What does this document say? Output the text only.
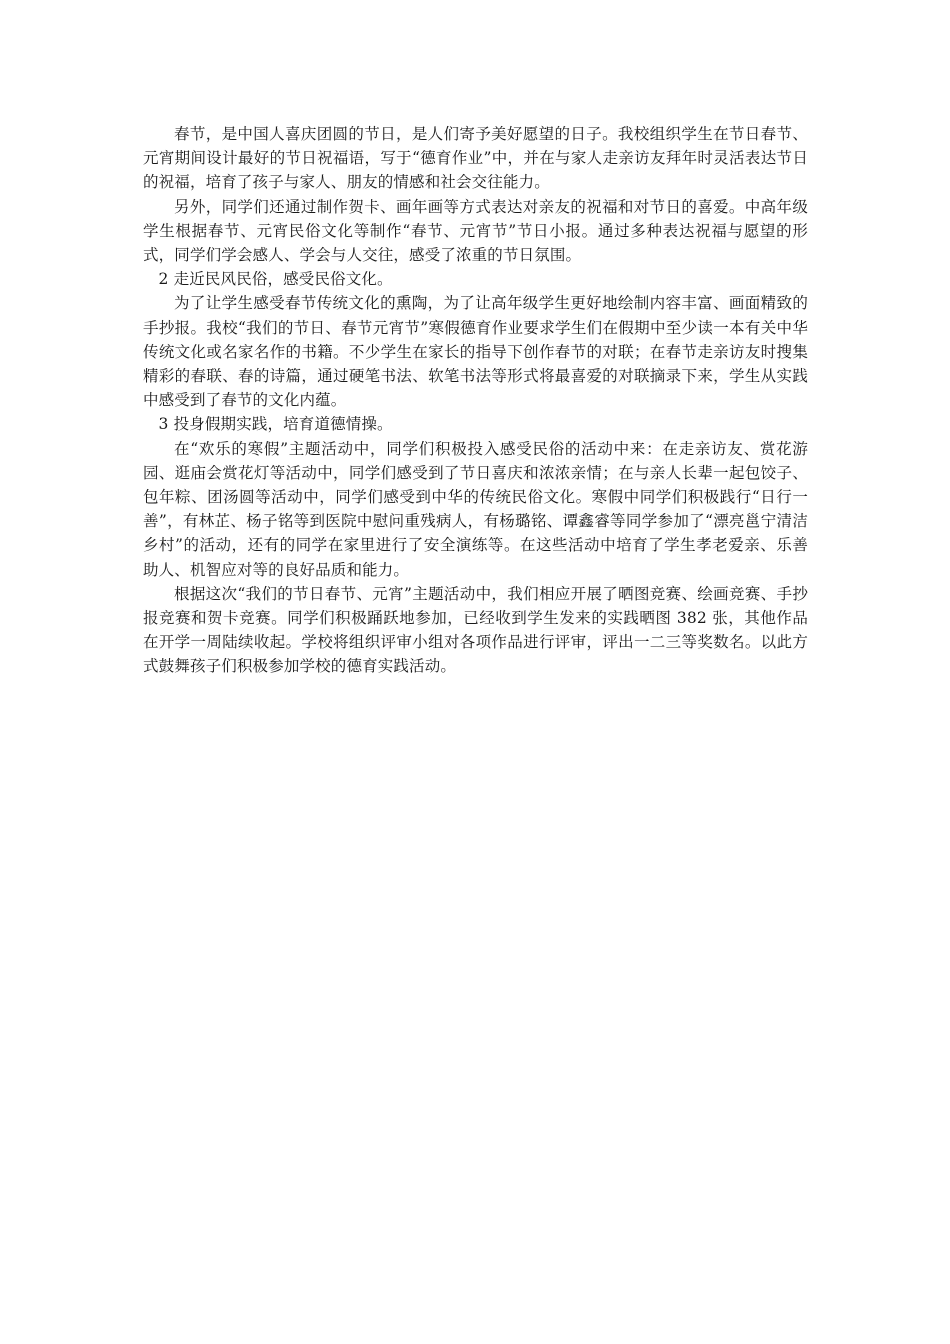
春节，是中国人喜庆团圆的节日，是人们寄予美好愿望的日子。我校组织学生在节日春节、元宵期间设计最好的节日祝福语，写于“德育作业”中，并在与家人走亲访友拜年时灵活表达节日的祝福，培育了孩子与家人、朋友的情感和社会交往能力。

另外，同学们还通过制作贺卡、画年画等方式表达对亲友的祝福和对节日的喜爱。中高年级学生根据春节、元宵民俗文化等制作“春节、元宵节”节日小报。通过多种表达祝福与愿望的形式，同学们学会感人、学会与人交往，感受了浓重的节日氛围。

2 走近民风民俗，感受民俗文化。

为了让学生感受春节传统文化的熏陶，为了让高年级学生更好地绘制内容丰富、画面精致的手抄报。我校“我们的节日、春节元宵节”寒假德育作业要求学生们在假期中至少读一本有关中华传统文化或名家名作的书籍。不少学生在家长的指导下创作春节的对联；在春节走亲访友时搜集精彩的春联、春的诗篇，通过硬笔书法、软笔书法等形式将最喜爱的对联摘录下来，学生从实践中感受到了春节的文化内蕴。

3 投身假期实践，培育道德情操。

在“欢乐的寒假”主题活动中，同学们积极投入感受民俗的活动中来：在走亲访友、赏花游园、逛庙会赏花灯等活动中，同学们感受到了节日喜庆和浓浓亲情；在与亲人长辈一起包饺子、包年粽、团汤圆等活动中，同学们感受到中华的传统民俗文化。寒假中同学们积极践行“日行一善”，有林芷、杨子铭等到医院中慰问重残病人，有杨璐铭、谭鑫睿等同学参加了“漂亮邕宁清洁乡村”的活动，还有的同学在家里进行了安全演练等。在这些活动中培育了学生孝老爱亲、乐善助人、机智应对等的良好品质和能力。

根据这次“我们的节日春节、元宵”主题活动中，我们相应开展了晒图竞赛、绘画竞赛、手抄报竞赛和贺卡竞赛。同学们积极踊跃地参加，已经收到学生发来的实践晒图 382 张，其他作品在开学一周陆续收起。学校将组织评审小组对各项作品进行评审，评出一二三等奖数名。以此方式鼓舞孩子们积极参加学校的德育实践活动。
